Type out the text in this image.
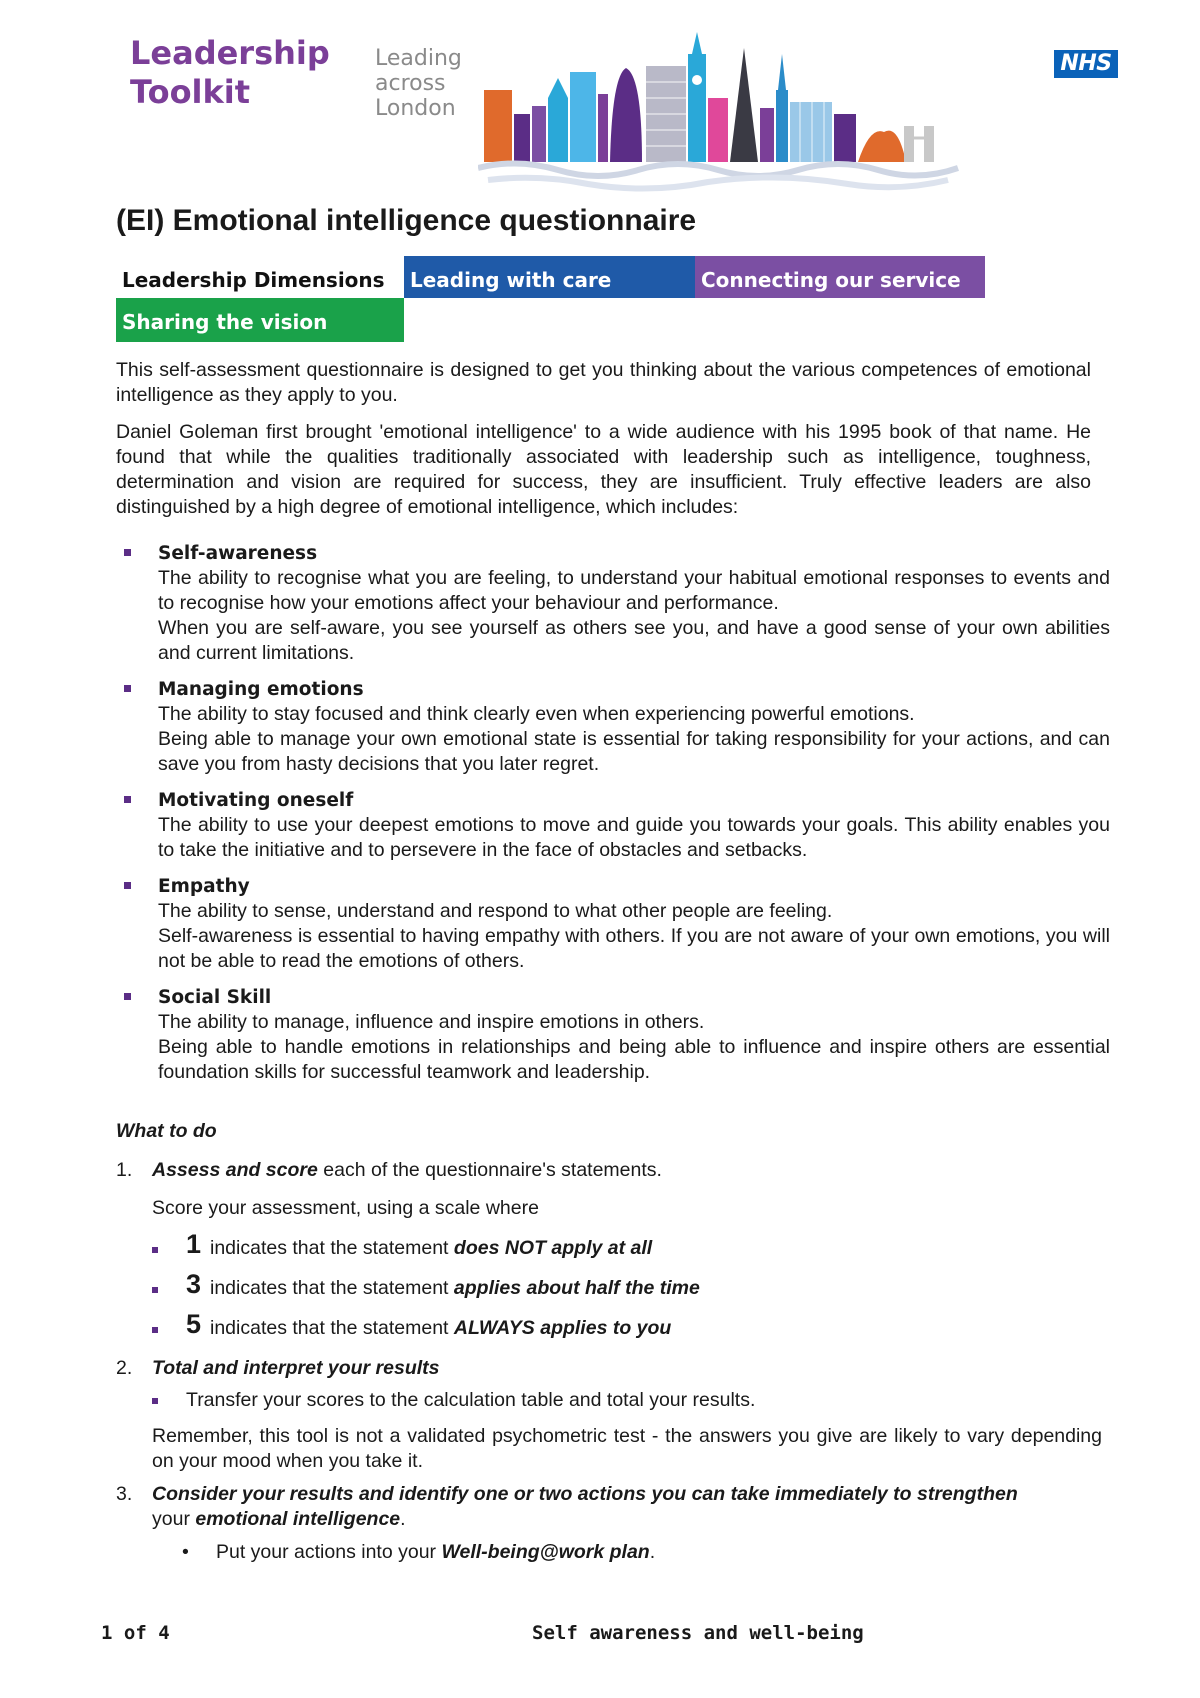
Leadership
Toolkit
Leading
across
London
NHS
(EI) Emotional intelligence questionnaire
Leadership Dimensions	Leading with care	Connecting our service
Sharing the vision
This self-assessment questionnaire is designed to get you thinking about the various competences of emotional intelligence as they apply to you.
Daniel Goleman first brought 'emotional intelligence' to a wide audience with his 1995 book of that name. He found that while the qualities traditionally associated with leadership such as intelligence, toughness, determination and vision are required for success, they are insufficient. Truly effective leaders are also distinguished by a high degree of emotional intelligence, which includes:
Self-awareness
The ability to recognise what you are feeling, to understand your habitual emotional responses to events and to recognise how your emotions affect your behaviour and performance.
When you are self-aware, you see yourself as others see you, and have a good sense of your own abilities and current limitations.
Managing emotions
The ability to stay focused and think clearly even when experiencing powerful emotions.
Being able to manage your own emotional state is essential for taking responsibility for your actions, and can save you from hasty decisions that you later regret.
Motivating oneself
The ability to use your deepest emotions to move and guide you towards your goals. This ability enables you to take the initiative and to persevere in the face of obstacles and setbacks.
Empathy
The ability to sense, understand and respond to what other people are feeling.
Self-awareness is essential to having empathy with others. If you are not aware of your own emotions, you will not be able to read the emotions of others.
Social Skill
The ability to manage, influence and inspire emotions in others.
Being able to handle emotions in relationships and being able to influence and inspire others are essential foundation skills for successful teamwork and leadership.
What to do
1. Assess and score each of the questionnaire's statements.
Score your assessment, using a scale where
1 indicates that the statement does NOT apply at all
3 indicates that the statement applies about half the time
5 indicates that the statement ALWAYS applies to you
2. Total and interpret your results
Transfer your scores to the calculation table and total your results.
Remember, this tool is not a validated psychometric test - the answers you give are likely to vary depending on your mood when you take it.
3. Consider your results and identify one or two actions you can take immediately to strengthen your emotional intelligence.
• Put your actions into your Well-being@work plan.
1 of 4	Self awareness and well-being
